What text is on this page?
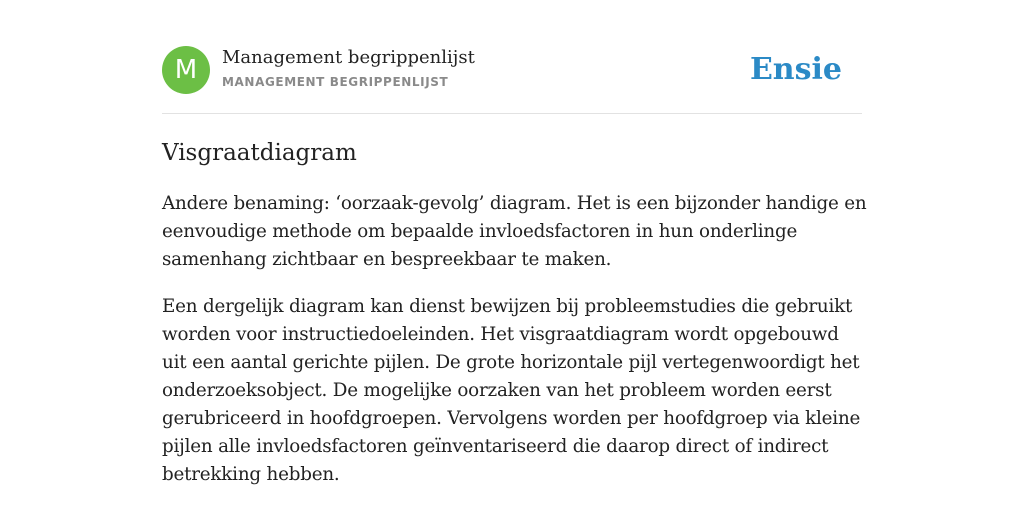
M	Management begrippenlijst
MANAGEMENT BEGRIPPENLIJST	Ensie
Visgraatdiagram

Andere benaming: ‘oorzaak-gevolg’ diagram. Het is een bijzonder handige en eenvoudige methode om bepaalde invloedsfactoren in hun onderlinge samenhang zichtbaar en bespreekbaar te maken.

Een dergelijk diagram kan dienst bewijzen bij probleemstudies die gebruikt worden voor instructiedoeleinden. Het visgraatdiagram wordt opgebouwd uit een aantal gerichte pijlen. De grote horizontale pijl vertegenwoordigt het onderzoeksobject. De mogelijke oorzaken van het probleem worden eerst gerubriceerd in hoofdgroepen. Vervolgens worden per hoofdgroep via kleine pijlen alle invloedsfactoren geïnventariseerd die daarop direct of indirect betrekking hebben.
